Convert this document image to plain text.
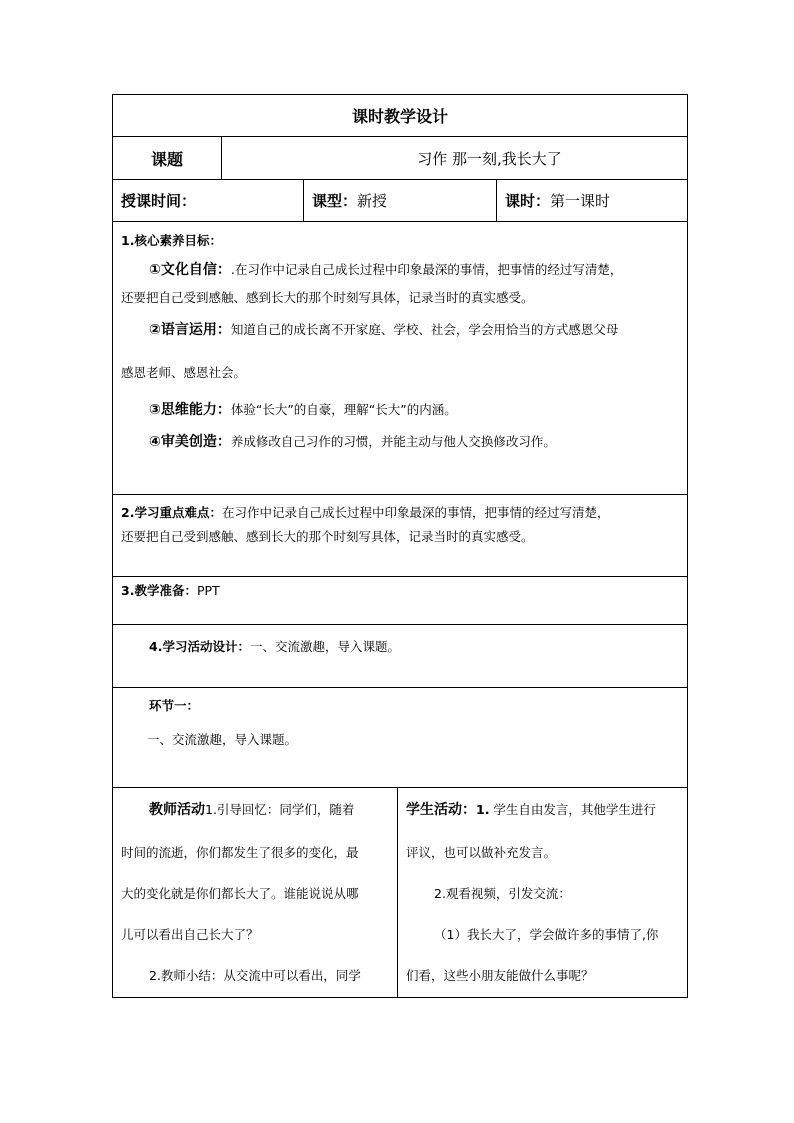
课时教学设计
课题	习作 那一刻,我长大了
授课时间：	课型： 新授	课时： 第一课时
1.核心素养目标：
①文化自信：.在习作中记录自己成长过程中印象最深的事情，把事情的经过写清楚，
还要把自己受到感触、感到长大的那个时刻写具体，记录当时的真实感受。
②语言运用：知道自己的成长离不开家庭、学校、社会，学会用恰当的方式感恩父母
感恩老师、感恩社会。
③思维能力：体验“长大”的自豪，理解“长大”的内涵。
④审美创造：养成修改自己习作的习惯，并能主动与他人交换修改习作。
2.学习重点难点：在习作中记录自己成长过程中印象最深的事情，把事情的经过写清楚，
还要把自己受到感触、感到长大的那个时刻写具体，记录当时的真实感受。
3.教学准备：PPT
4.学习活动设计：一、交流激趣，导入课题。
环节一：
一、交流激趣，导入课题。
教师活动1.引导回忆：同学们，随着
时间的流逝，你们都发生了很多的变化，最
大的变化就是你们都长大了。谁能说说从哪
儿可以看出自己长大了？
2.教师小结：从交流中可以看出，同学
学生活动：1. 学生自由发言，其他学生进行
评议，也可以做补充发言。
2.观看视频，引发交流：
（1）我长大了，学会做许多的事情了,你
们看，这些小朋友能做什么事呢？
